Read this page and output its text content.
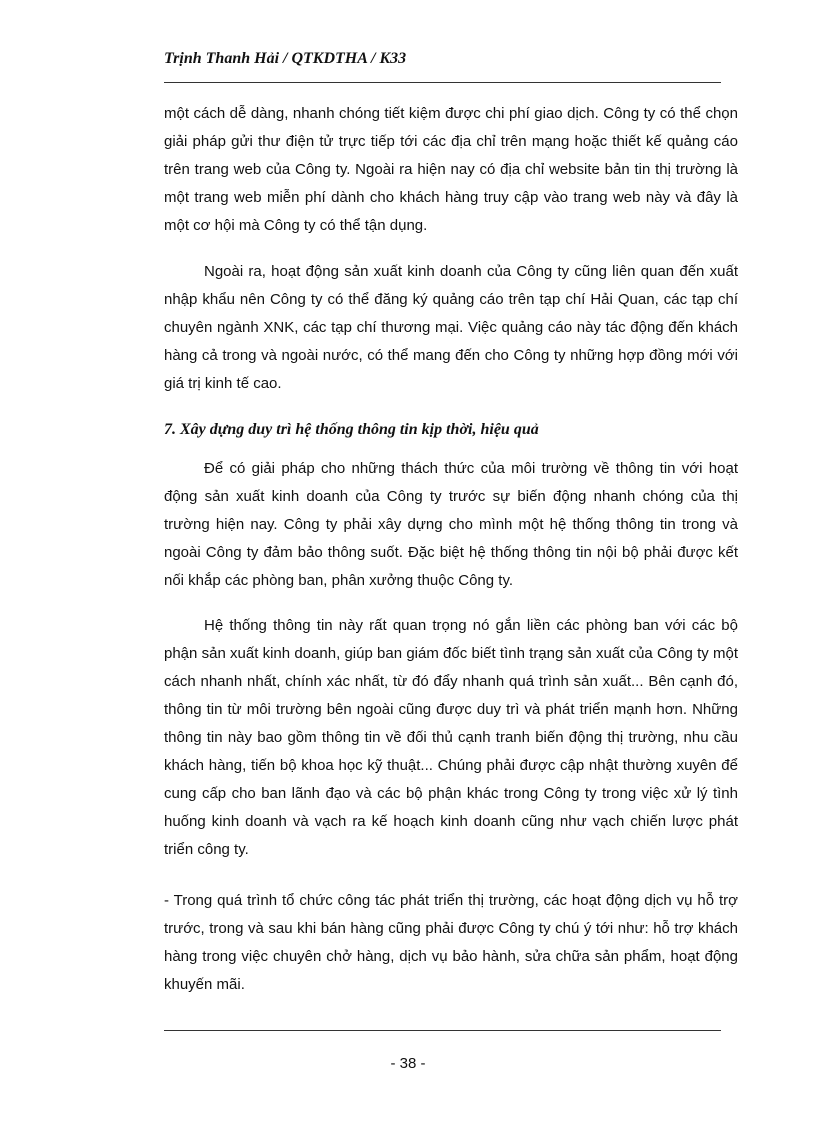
Trịnh Thanh Hải / QTKDTHA / K33

một cách dễ dàng, nhanh chóng tiết kiệm được chi phí giao dịch. Công ty có thể chọn giải pháp gửi thư điện tử trực tiếp tới các địa chỉ trên mạng hoặc thiết kế quảng cáo trên trang web của Công ty. Ngoài ra hiện nay có địa chỉ website bản tin thị trường là một trang web miễn phí dành cho khách hàng truy cập vào trang web này và đây là một cơ hội mà Công ty có thể tận dụng.

Ngoài ra, hoạt động sản xuất kinh doanh của Công ty cũng liên quan đến xuất nhập khẩu nên Công ty có thể đăng ký quảng cáo trên tạp chí Hải Quan, các tạp chí chuyên ngành XNK, các tạp chí thương mại. Việc quảng cáo này tác động đến khách hàng cả trong và ngoài nước, có thể mang đến cho Công ty những hợp đồng mới với giá trị kinh tế cao.

7. Xây dựng duy trì hệ thống thông tin kịp thời, hiệu quả

Để có giải pháp cho những thách thức của môi trường về thông tin với hoạt động sản xuất kinh doanh của Công ty trước sự biến động nhanh chóng của thị trường hiện nay. Công ty phải xây dựng cho mình một hệ thống thông tin trong và ngoài Công ty đảm bảo thông suốt. Đặc biệt hệ thống thông tin nội bộ phải được kết nối khắp các phòng ban, phân xưởng thuộc Công ty.

Hệ thống thông tin này rất quan trọng nó gắn liền các phòng ban với các bộ phận sản xuất kinh doanh, giúp ban giám đốc biết tình trạng sản xuất của Công ty một cách nhanh nhất, chính xác nhất, từ đó đẩy nhanh quá trình sản xuất... Bên cạnh đó, thông tin từ môi trường bên ngoài cũng được duy trì và phát triển mạnh hơn. Những thông tin này bao gồm thông tin về đối thủ cạnh tranh biến động thị trường, nhu cầu khách hàng, tiến bộ khoa học kỹ thuật... Chúng phải được cập nhật thường xuyên để cung cấp cho ban lãnh đạo và các bộ phận khác trong Công ty trong việc xử lý tình huống kinh doanh và vạch ra kế hoạch kinh doanh cũng như vạch chiến lược phát triển công ty.

- Trong quá trình tổ chức công tác phát triển thị trường, các hoạt động dịch vụ hỗ trợ trước, trong và sau khi bán hàng cũng phải được Công ty chú ý tới như: hỗ trợ khách hàng trong việc chuyên chở hàng, dịch vụ bảo hành, sửa chữa sản phẩm, hoạt động khuyến mãi.

- 38 -
